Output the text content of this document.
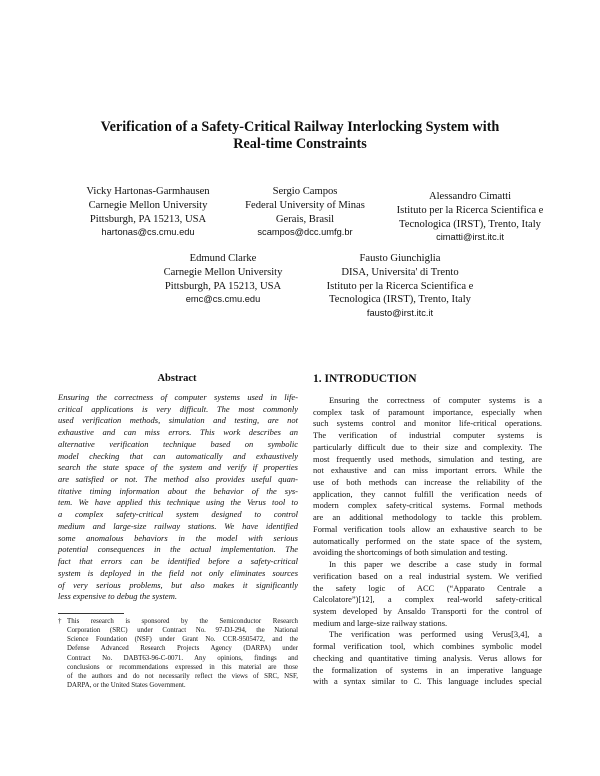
Verification of a Safety-Critical Railway Interlocking System with
Real-time Constraints
Vicky Hartonas-Garmhausen
Carnegie Mellon University
Pittsburgh, PA 15213, USA
hartonas@cs.cmu.edu
Sergio Campos
Federal University of Minas
Gerais, Brasil
scampos@dcc.umfg.br
Alessandro Cimatti
Istituto per la Ricerca Scientifica e
Tecnologica (IRST), Trento, Italy
cimatti@irst.itc.it
Edmund Clarke
Carnegie Mellon University
Pittsburgh, PA 15213, USA
emc@cs.cmu.edu
Fausto Giunchiglia
DISA, Universita' di Trento
Istituto per la Ricerca Scientifica e
Tecnologica (IRST), Trento, Italy
fausto@irst.itc.it
Abstract
Ensuring the correctness of computer systems used in life-
critical applications is very difficult. The most commonly
used verification methods, simulation and testing, are not
exhaustive and can miss errors. This work describes an
alternative verification technique based on symbolic
model checking that can automatically and exhaustively
search the state space of the system and verify if properties
are satisfied or not. The method also provides useful quan-
titative timing information about the behavior of the sys-
tem. We have applied this technique using the Verus tool to
a complex safety-critical system designed to control
medium and large-size railway stations. We have identified
some anomalous behaviors in the model with serious
potential consequences in the actual implementation. The
fact that errors can be identified before a safety-critical
system is deployed in the field not only eliminates sources
of very serious problems, but also makes it significantly
less expensive to debug the system.
† This research is sponsored by the Semiconductor Research
Corporation (SRC) under Contract No. 97-DJ-294, the National
Science Foundation (NSF) under Grant No. CCR-9505472, and the
Defense Advanced Research Projects Agency (DARPA) under
Contract No. DABT63-96-C-0071. Any opinions, findings and
conclusions or recommendations expressed in this material are those
of the authors and do not necessarily reflect the views of SRC, NSF,
DARPA, or the United States Government.
1. INTRODUCTION
Ensuring the correctness of computer systems is a
complex task of paramount importance, especially when
such systems control and monitor life-critical operations.
The verification of industrial computer systems is
particularly difficult due to their size and complexity. The
most frequently used methods, simulation and testing, are
not exhaustive and can miss important errors. While the
use of both methods can increase the reliability of the
application, they cannot fulfill the verification needs of
modern complex safety-critical systems. Formal methods
are an additional methodology to tackle this problem.
Formal verification tools allow an exhaustive search to be
automatically performed on the state space of the system,
avoiding the shortcomings of both simulation and testing.
In this paper we describe a case study in formal
verification based on a real industrial system. We verified
the safety logic of ACC (“Apparato Centrale a
Calcolatore”)[12], a complex real-world safety-critical
system developed by Ansaldo Transporti for the control of
medium and large-size railway stations.
The verification was performed using Verus[3,4], a
formal verification tool, which combines symbolic model
checking and quantitative timing analysis. Verus allows for
the formalization of systems in an imperative language
with a syntax similar to C. This language includes special
